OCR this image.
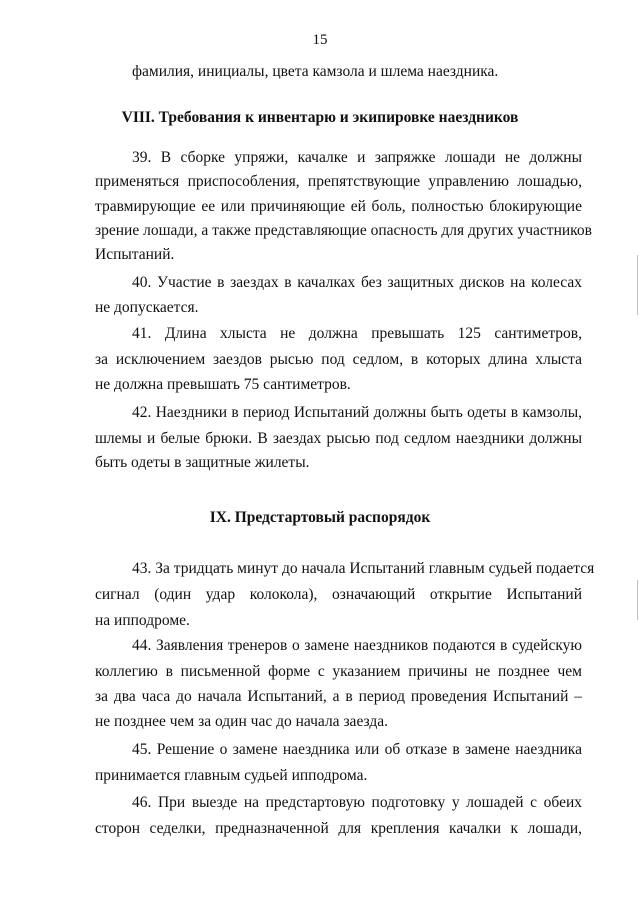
15
фамилия, инициалы, цвета камзола и шлема наездника.
VIII. Требования к инвентарю и экипировке наездников
39. В сборке упряжи, качалке и запряжке лошади не должны
применяться приспособления, препятствующие управлению лошадью,
травмирующие ее или причиняющие ей боль, полностью блокирующие
зрение лошади, а также представляющие опасность для других участников
Испытаний.
40. Участие в заездах в качалках без защитных дисков на колесах
не допускается.
41. Длина хлыста не должна превышать 125 сантиметров,
за исключением заездов рысью под седлом, в которых длина хлыста
не должна превышать 75 сантиметров.
42. Наездники в период Испытаний должны быть одеты в камзолы,
шлемы и белые брюки. В заездах рысью под седлом наездники должны
быть одеты в защитные жилеты.
IX. Предстартовый распорядок
43. За тридцать минут до начала Испытаний главным судьей подается
сигнал (один удар колокола), означающий открытие Испытаний
на ипподроме.
44. Заявления тренеров о замене наездников подаются в судейскую
коллегию в письменной форме с указанием причины не позднее чем
за два часа до начала Испытаний, а в период проведения Испытаний –
не позднее чем за один час до начала заезда.
45. Решение о замене наездника или об отказе в замене наездника
принимается главным судьей ипподрома.
46. При выезде на предстартовую подготовку у лошадей с обеих
сторон седелки, предназначенной для крепления качалки к лошади,
